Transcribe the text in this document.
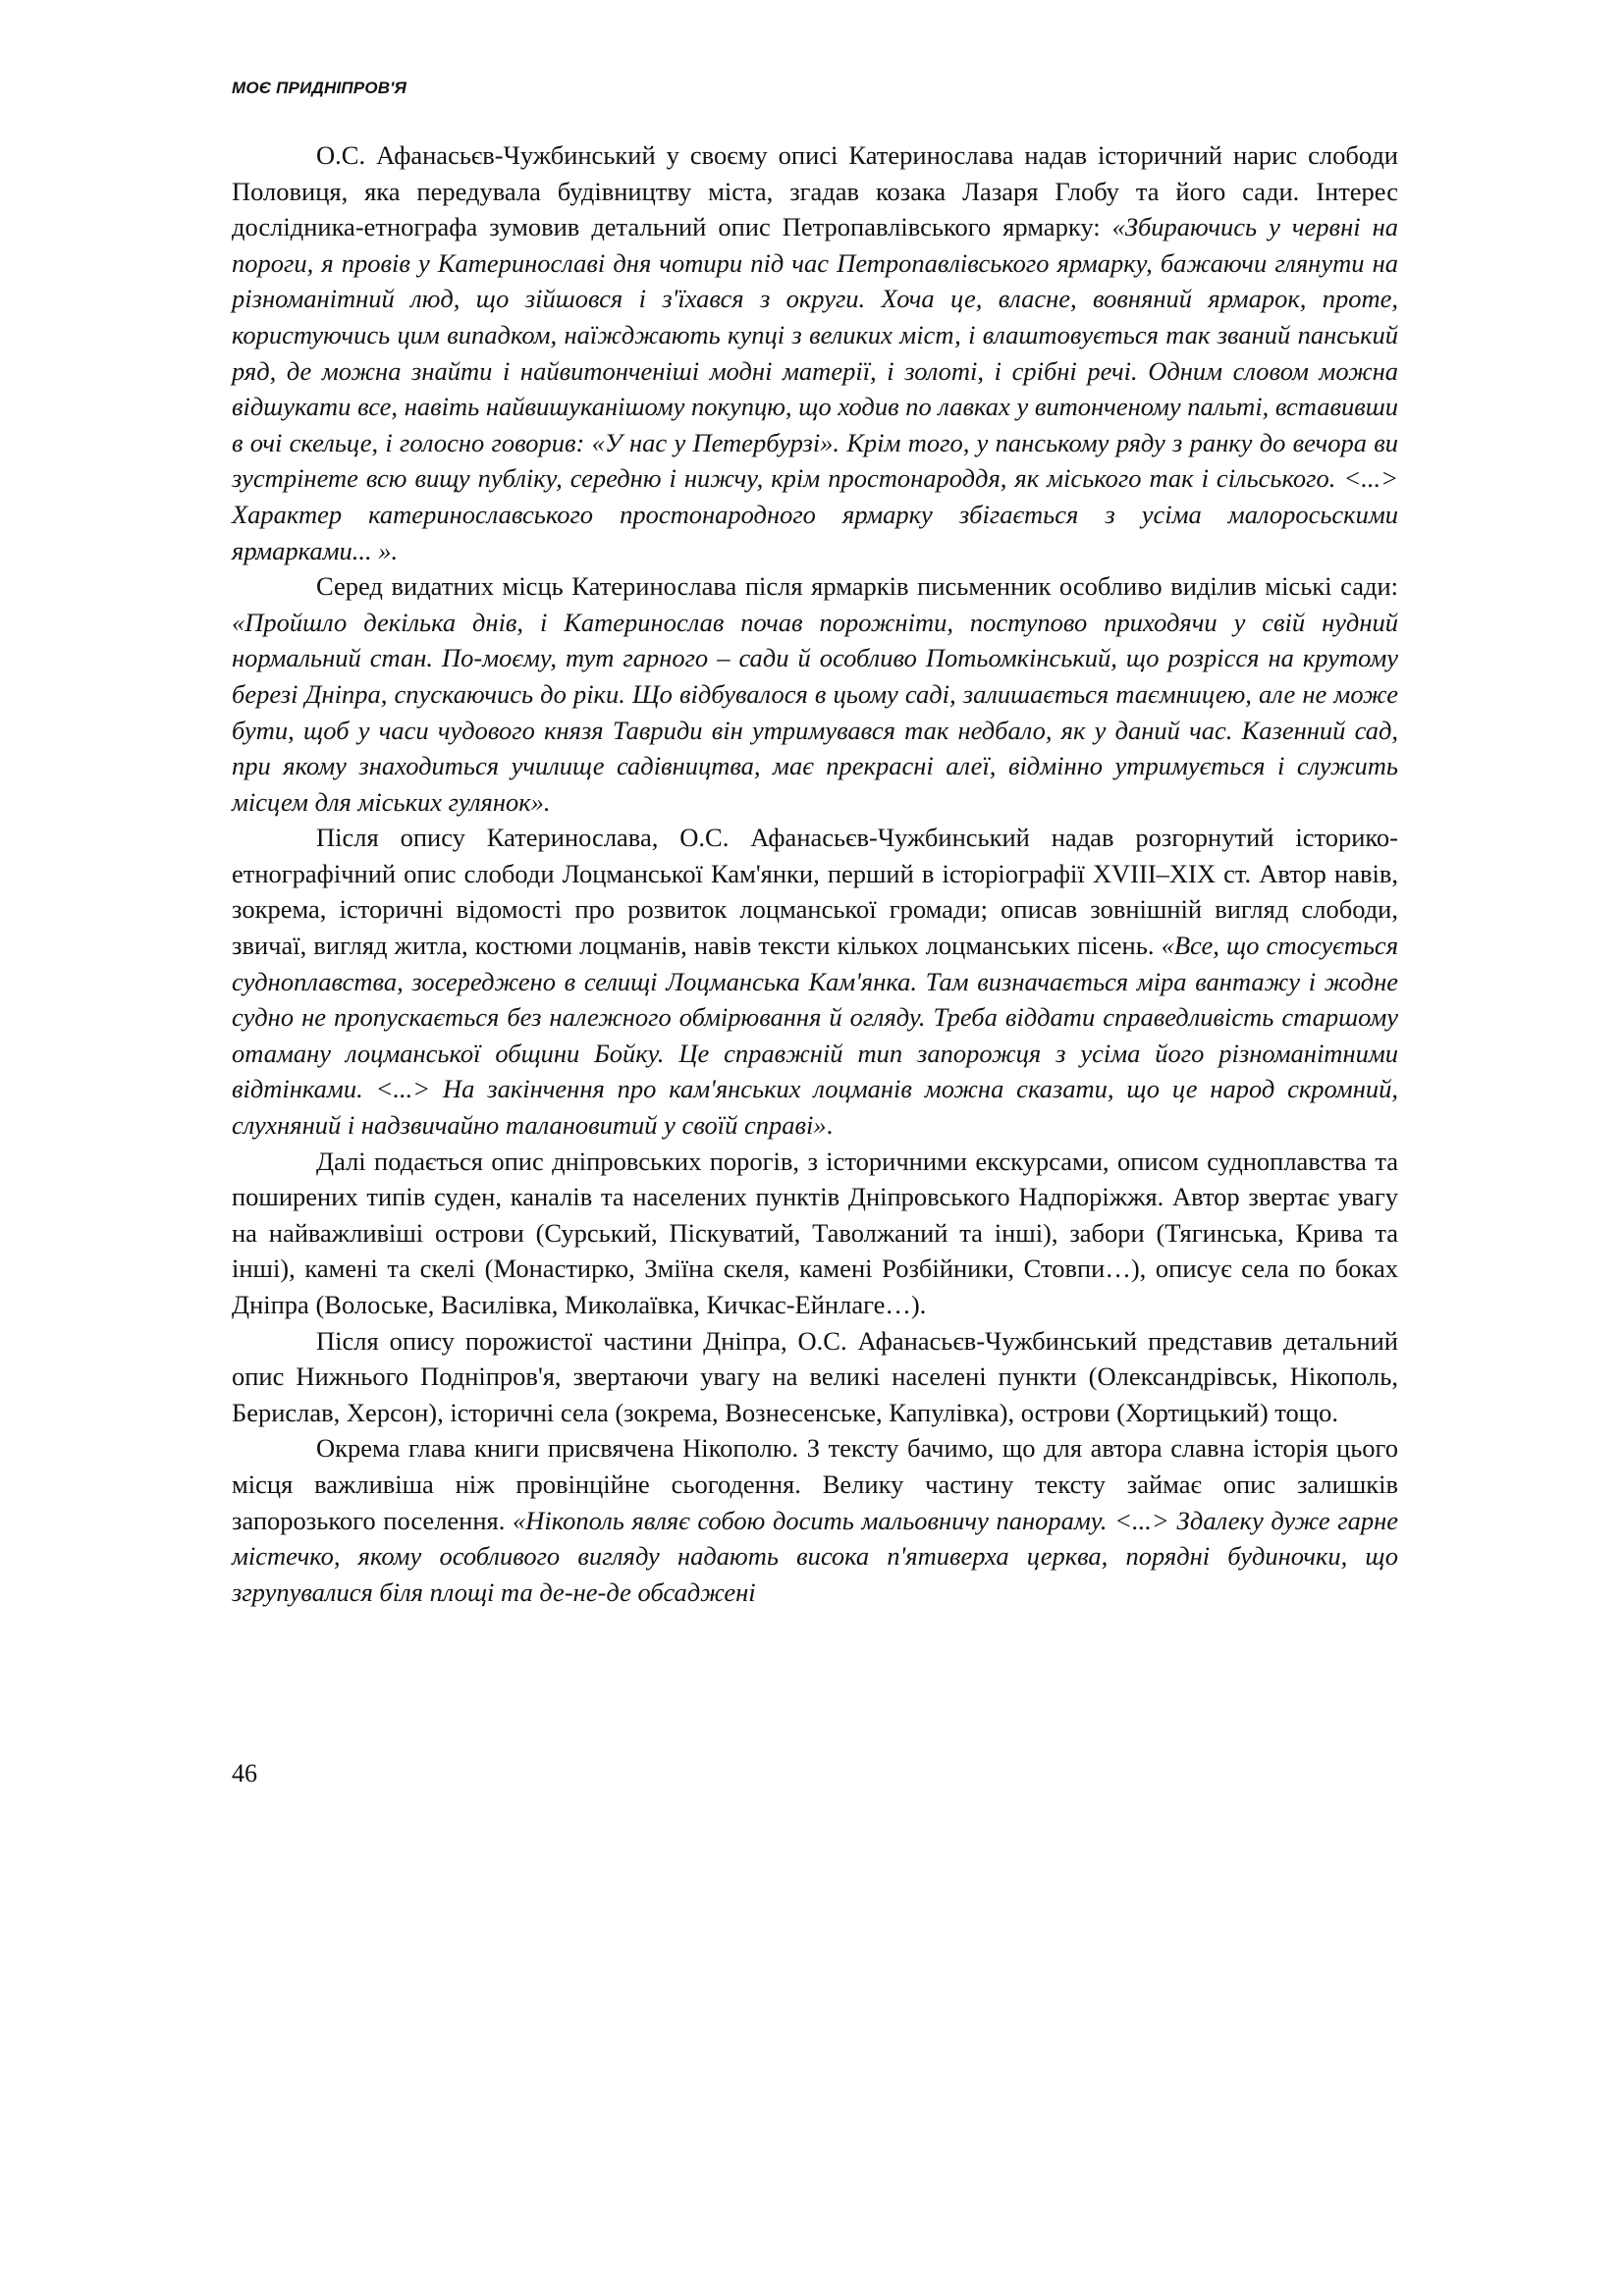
МОЄ ПРИДНІПРОВ'Я

О.С. Афанасьєв-Чужбинський у своєму описі Катеринослава надав історичний нарис слободи Половиця, яка передувала будівництву міста, згадав козака Лазаря Глобу та його сади. Інтерес дослідника-етнографа зумовив детальний опис Петропавлівського ярмарку: «Збираючись у червні на пороги, я провів у Катеринославі дня чотири під час Петропавлівського ярмарку, бажаючи глянути на різноманітний люд, що зійшовся і з'їхався з округи. Хоча це, власне, вовняний ярмарок, проте, користуючись цим випадком, наїжджають купці з великих міст, і влаштовується так званий панський ряд, де можна знайти і найвитонченіші модні матерії, і золоті, і срібні речі. Одним словом можна відшукати все, навіть найвишуканішому покупцю, що ходив по лавках у витонченому пальті, вставивши в очі скельце, і голосно говорив: «У нас у Петербурзі». Крім того, у панському ряду з ранку до вечора ви зустрінете всю вищу публіку, середню і нижчу, крім простонароддя, як міського так і сільського. <...> Характер катеринославського простонародного ярмарку збігається з усіма малоросьскими ярмарками... ».

Серед видатних місць Катеринослава після ярмарків письменник особливо виділив міські сади: «Пройшло декілька днів, і Катеринослав почав порожніти, поступово приходячи у свій нудний нормальний стан. По-моєму, тут гарного – сади й особливо Потьомкінський, що розрісся на крутому березі Дніпра, спускаючись до ріки. Що відбувалося в цьому саді, залишається таємницею, але не може бути, щоб у часи чудового князя Тавриди він утримувався так недбало, як у даний час. Казенний сад, при якому знаходиться училище садівництва, має прекрасні алеї, відмінно утримується і служить місцем для міських гулянок».

Після опису Катеринослава, О.С. Афанасьєв-Чужбинський надав розгорнутий історико-етнографічний опис слободи Лоцманської Кам'янки, перший в історіографії XVIII–XIX ст. Автор навів, зокрема, історичні відомості про розвиток лоцманської громади; описав зовнішній вигляд слободи, звичаї, вигляд житла, костюми лоцманів, навів тексти кількох лоцманських пісень. «Все, що стосується судноплавства, зосереджено в селищі Лоцманська Кам'янка. Там визначається міра вантажу і жодне судно не пропускається без належного обмірювання й огляду. Треба віддати справедливість старшому отаману лоцманської общини Бойку. Це справжній тип запорожця з усіма його різноманітними відтінками. <...> На закінчення про кам'янських лоцманів можна сказати, що це народ скромний, слухняний і надзвичайно талановитий у своїй справі».

Далі подається опис дніпровських порогів, з історичними екскурсами, описом судноплавства та поширених типів суден, каналів та населених пунктів Дніпровського Надпоріжжя. Автор звертає увагу на найважливіші острови (Сурський, Піскуватий, Таволжаний та інші), забори (Тягинська, Крива та інші), камені та скелі (Монастирко, Зміїна скеля, камені Розбійники, Стовпи…), описує села по боках Дніпра (Волоське, Василівка, Миколаївка, Кичкас-Ейнлаге…).

Після опису порожистої частини Дніпра, О.С. Афанасьєв-Чужбинський представив детальний опис Нижнього Подніпров'я, звертаючи увагу на великі населені пункти (Олександрівськ, Нікополь, Берислав, Херсон), історичні села (зокрема, Вознесенське, Капулівка), острови (Хортицький) тощо.

Окрема глава книги присвячена Нікополю. З тексту бачимо, що для автора славна історія цього місця важливіша ніж провінційне сьогодення. Велику частину тексту займає опис залишків запорозького поселення. «Нікополь являє собою досить мальовничу панораму. <...> Здалеку дуже гарне містечко, якому особливого вигляду надають висока п'ятиверха церква, порядні будиночки, що згрупувалися біля площі та де-не-де обсаджені

46
